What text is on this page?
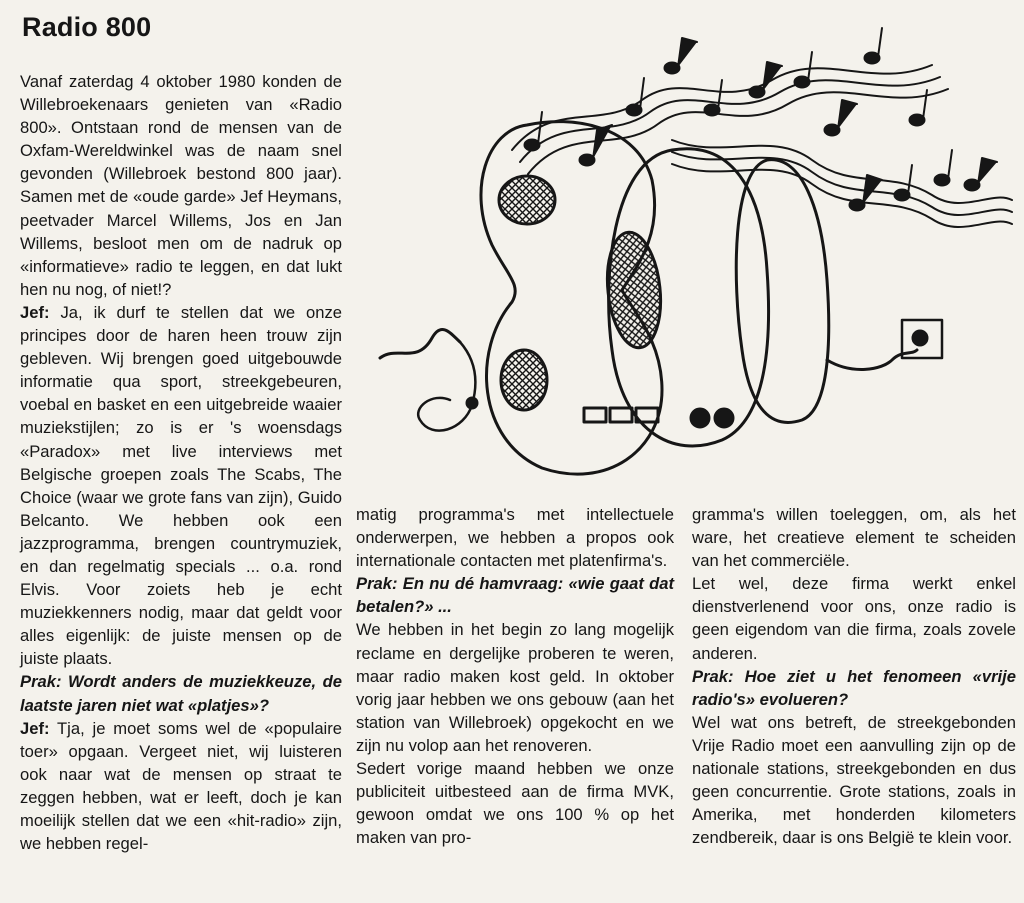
Radio 800

Vanaf zaterdag 4 oktober 1980 konden de Willebroekenaars genieten van «Radio 800». Ontstaan rond de mensen van de Oxfam-Wereldwinkel was de naam snel gevonden (Willebroek bestond 800 jaar). Samen met de «oude garde» Jef Heymans, peetvader Marcel Willems, Jos en Jan Willems, besloot men om de nadruk op «informatieve» radio te leggen, en dat lukt hen nu nog, of niet!?

Jef: Ja, ik durf te stellen dat we onze principes door de haren heen trouw zijn gebleven. Wij brengen goed uitgebouwde informatie qua sport, streekgebeuren, voebal en basket en een uitgebreide waaier muziekstijlen; zo is er 's woensdags «Paradox» met live interviews met Belgische groepen zoals The Scabs, The Choice (waar we grote fans van zijn), Guido Belcanto. We hebben ook een jazzprogramma, brengen countrymuziek, en dan regelmatig specials ... o.a. rond Elvis. Voor zoiets heb je echt muziekkenners nodig, maar dat geldt voor alles eigenlijk: de juiste mensen op de juiste plaats.

Prak: Wordt anders de muziekkeuze, de laatste jaren niet wat «platjes»?

Jef: Tja, je moet soms wel de «populaire toer» opgaan. Vergeet niet, wij luisteren ook naar wat de mensen op straat te zeggen hebben, wat er leeft, doch je kan moeilijk stellen dat we een «hit-radio» zijn, we hebben regel-

matig programma's met intellectuele onderwerpen, we hebben a propos ook internationale contacten met platenfirma's.

Prak: En nu dé hamvraag: «wie gaat dat betalen?» ...

We hebben in het begin zo lang mogelijk reclame en dergelijke proberen te weren, maar radio maken kost geld. In oktober vorig jaar hebben we ons gebouw (aan het station van Willebroek) opgekocht en we zijn nu volop aan het renoveren.

Sedert vorige maand hebben we onze publiciteit uitbesteed aan de firma MVK, gewoon omdat we ons 100 % op het maken van pro-

gramma's willen toeleggen, om, als het ware, het creatieve element te scheiden van het commerciële.

Let wel, deze firma werkt enkel dienstverlenend voor ons, onze radio is geen eigendom van die firma, zoals zovele anderen.

Prak: Hoe ziet u het fenomeen «vrije radio's» evolueren?

Wel wat ons betreft, de streekgebonden Vrije Radio moet een aanvulling zijn op de nationale stations, streekgebonden en dus geen concurrentie. Grote stations, zoals in Amerika, met honderden kilometers zendbereik, daar is ons België te klein voor.
